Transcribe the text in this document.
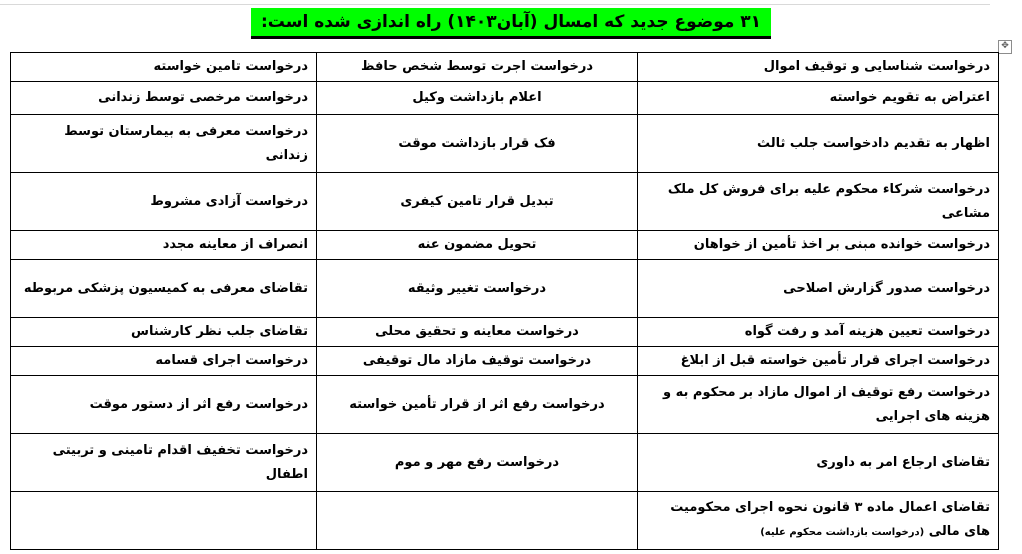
۳۱ موضوع جدید که امسال (آبان۱۴۰۳) راه اندازی شده است:
✥
درخواست شناسایی و توقیف اموال	درخواست اجرت توسط شخص حافظ	درخواست تامین خواسته
اعتراض به تقویم خواسته	اعلام بازداشت وکیل	درخواست مرخصی توسط زندانی
اظهار به تقدیم دادخواست جلب ثالث	فک قرار بازداشت موقت	درخواست معرفی به بیمارستان توسط زندانی
درخواست شرکاء محکوم علیه برای فروش کل ملک مشاعی	تبدیل قرار تامین کیفری	درخواست آزادی مشروط
درخواست خوانده مبنی بر اخذ تأمین از خواهان	تحویل مضمون عنه	انصراف از معاینه مجدد
درخواست صدور گزارش اصلاحی	درخواست تغییر وثیقه	تقاضای معرفی به کمیسیون پزشکی مربوطه
درخواست تعیین هزینه آمد و رفت گواه	درخواست معاینه و تحقیق محلی	تقاضای جلب نظر کارشناس
درخواست اجرای قرار تأمین خواسته قبل از ابلاغ	درخواست توقیف مازاد مال توقیفی	درخواست اجرای قسامه
درخواست رفع توقیف از اموال مازاد بر محکوم به و هزینه های اجرایی	درخواست رفع اثر از قرار تأمین خواسته	درخواست رفع اثر از دستور موقت
تقاضای ارجاع امر به داوری	درخواست رفع مهر و موم	درخواست تخفیف اقدام تامینی و تربیتی اطفال
تقاضای اعمال ماده ۳ قانون نحوه اجرای محکومیت های مالی (درخواست بازداشت محکوم علیه)		
